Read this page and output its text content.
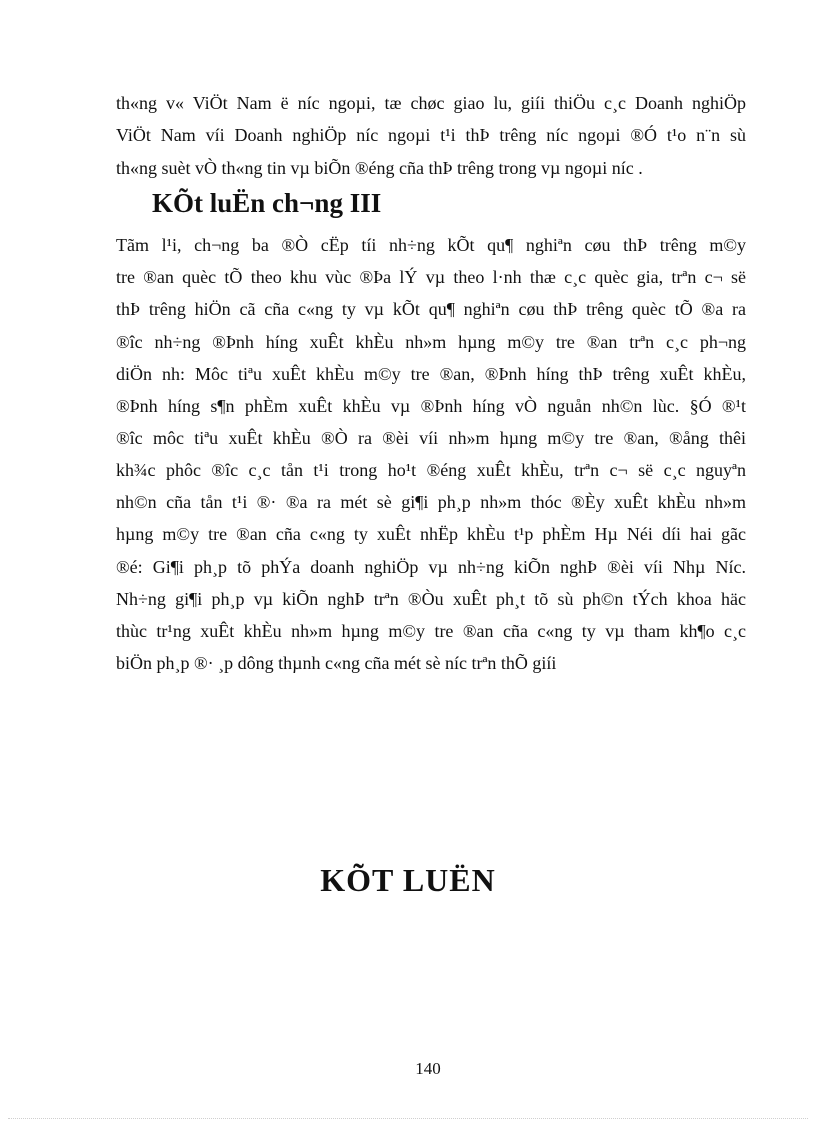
th«ng v« ViÖt Nam ë níc ngoµi, tæ chøc giao lu, giíi thiÖu c¸c Doanh nghiÖp
ViÖt Nam víi Doanh nghiÖp níc ngoµi t¹i thÞ trêng níc ngoµi ®Ó t¹o n¨n sù
th«ng suèt vÒ th«ng tin vµ biÕn ®éng cña thÞ trêng trong vµ ngoµi níc .
KÕt luËn ch¬ng III
Tãm l¹i, ch¬ng ba ®Ò cËp tíi nh÷ng kÕt qu¶ nghiªn cøu thÞ trêng m©y
tre ®an quèc tÕ theo khu vùc ®Þa lÝ vµ theo l·nh thæ c¸c quèc gia, trªn c¬ së
thÞ trêng hiÖn cã cña c«ng ty vµ kÕt qu¶ nghiªn cøu thÞ trêng quèc tÕ ®a ra
®îc nh÷ng ®Þnh híng xuÊt khÈu nh»m hµng m©y tre ®an trªn c¸c ph¬ng
diÖn nh: Môc tiªu xuÊt khÈu m©y tre ®an, ®Þnh híng thÞ trêng xuÊt khÈu,
®Þnh híng s¶n phÈm xuÊt khÈu vµ ®Þnh híng vÒ nguån nh©n lùc. §Ó ®¹t
®îc môc tiªu xuÊt khÈu ®Ò ra ®èi víi nh»m hµng m©y tre ®an, ®ång thêi
kh¾c phôc ®îc c¸c tån t¹i trong ho¹t ®éng xuÊt khÈu, trªn c¬ së c¸c nguyªn
nh©n cña tån t¹i ®· ®a ra mét sè gi¶i ph¸p nh»m thóc ®Èy xuÊt khÈu nh»m
hµng m©y tre ®an cña c«ng ty xuÊt nhËp khÈu t¹p phÈm Hµ Néi díi hai gãc
®é: Gi¶i ph¸p tõ phÝa doanh nghiÖp vµ nh÷ng kiÕn nghÞ ®èi víi Nhµ Níc.
Nh÷ng gi¶i ph¸p vµ kiÕn nghÞ trªn ®Òu xuÊt ph¸t tõ sù ph©n tÝch khoa häc
thùc tr¹ng xuÊt khÈu nh»m hµng m©y tre ®an cña c«ng ty vµ tham kh¶o c¸c
biÖn ph¸p ®· ¸p dông thµnh c«ng cña mét sè níc trªn thÕ giíi
KÕT LUËN
140
